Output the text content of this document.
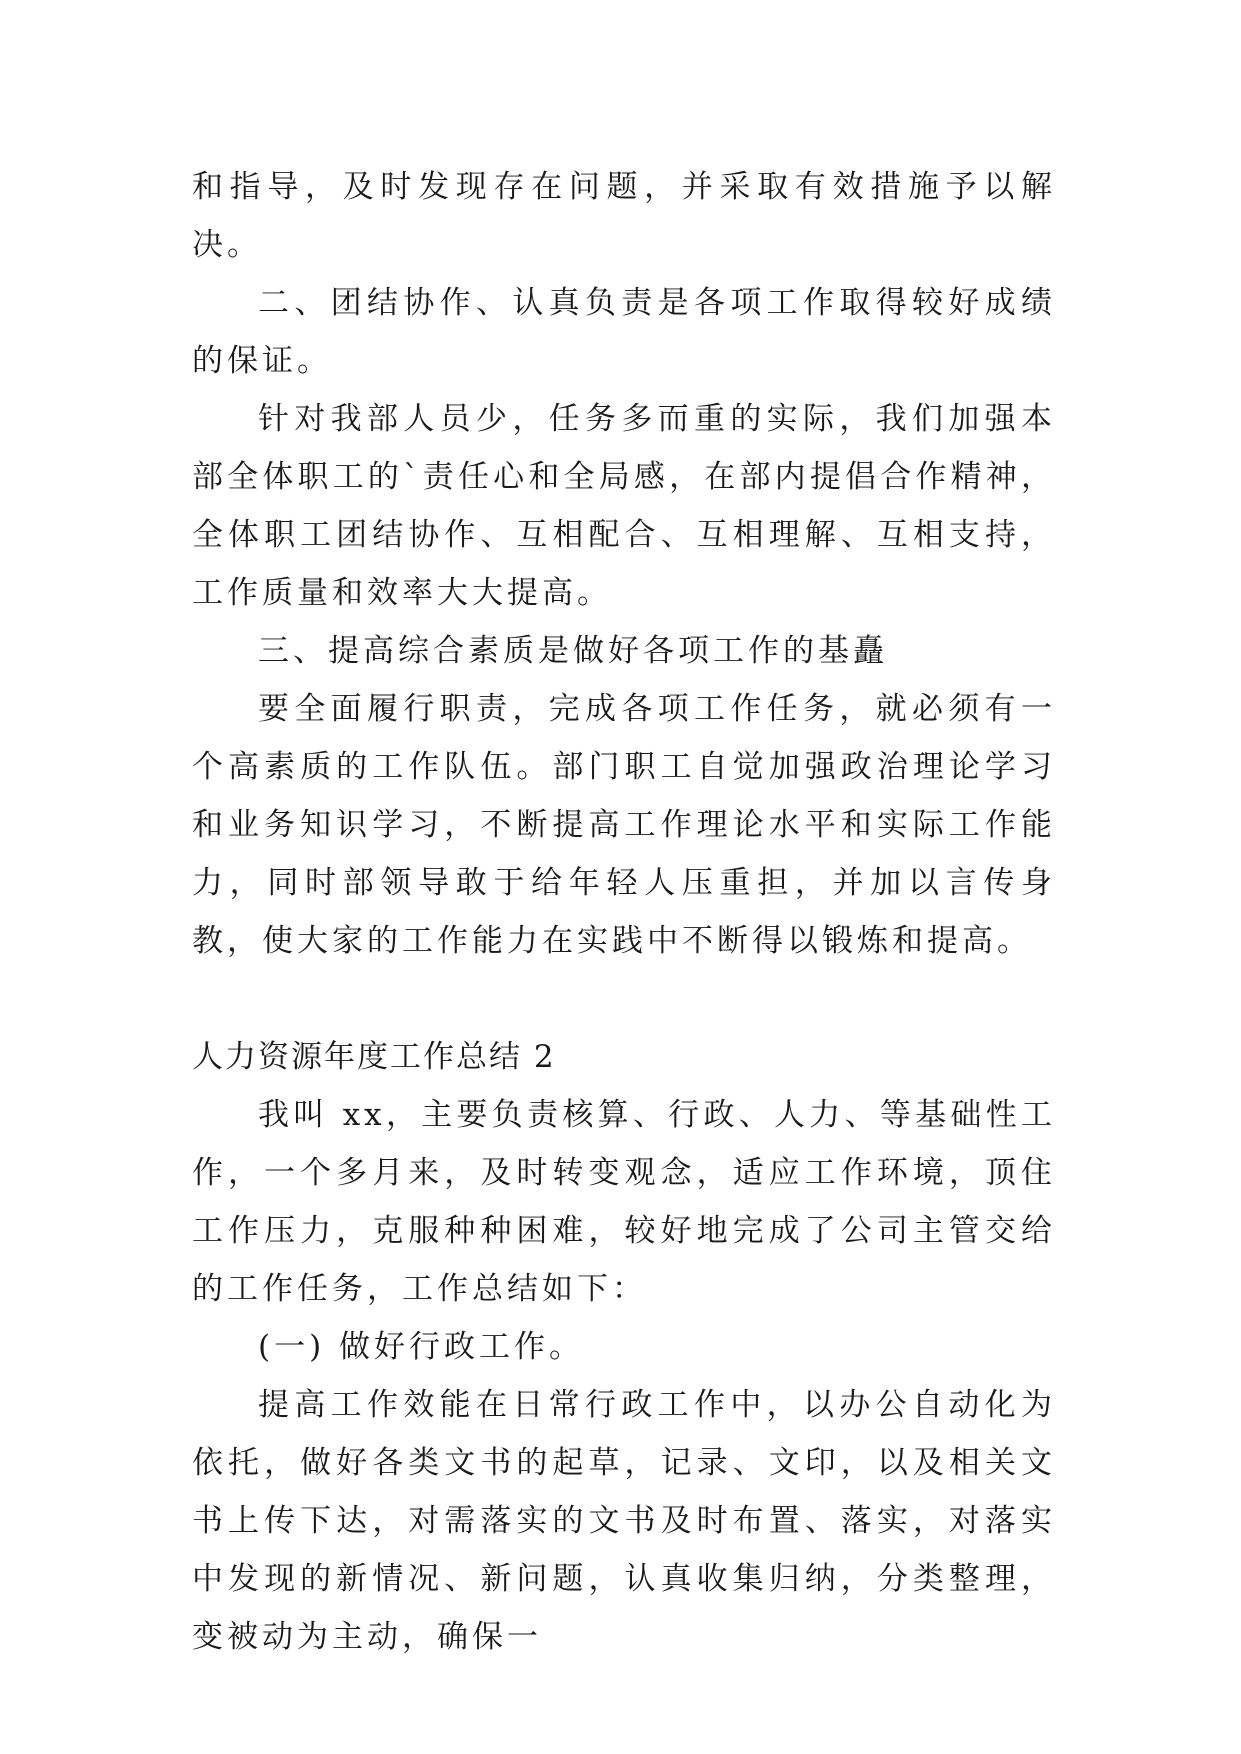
和指导，及时发现存在问题，并采取有效措施予以解决。

二、团结协作、认真负责是各项工作取得较好成绩的保证。

针对我部人员少，任务多而重的实际，我们加强本部全体职工的`责任心和全局感，在部内提倡合作精神，全体职工团结协作、互相配合、互相理解、互相支持，工作质量和效率大大提高。

三、提高综合素质是做好各项工作的基矗

要全面履行职责，完成各项工作任务，就必须有一个高素质的工作队伍。部门职工自觉加强政治理论学习和业务知识学习，不断提高工作理论水平和实际工作能力，同时部领导敢于给年轻人压重担，并加以言传身教，使大家的工作能力在实践中不断得以锻炼和提高。

人力资源年度工作总结 2

我叫 xx，主要负责核算、行政、人力、等基础性工作，一个多月来，及时转变观念，适应工作环境，顶住工作压力，克服种种困难，较好地完成了公司主管交给的工作任务，工作总结如下：

(一) 做好行政工作。

提高工作效能在日常行政工作中，以办公自动化为依托，做好各类文书的起草，记录、文印，以及相关文书上传下达，对需落实的文书及时布置、落实，对落实中发现的新情况、新问题，认真收集归纳，分类整理，变被动为主动，确保一
